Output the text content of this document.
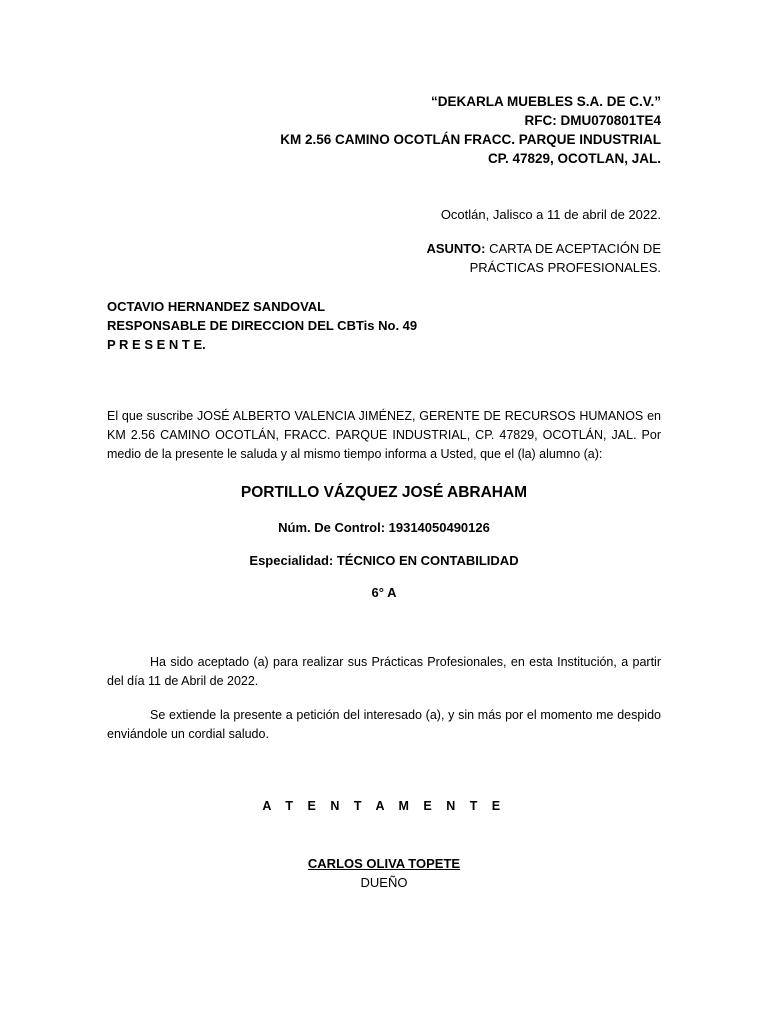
“DEKARLA MUEBLES S.A. DE C.V.”
RFC: DMU070801TE4
KM 2.56 CAMINO OCOTLÁN FRACC. PARQUE INDUSTRIAL
CP. 47829, OCOTLAN, JAL.
Ocotlán, Jalisco a 11 de abril de 2022.
ASUNTO: CARTA DE ACEPTACIÓN DE
PRÁCTICAS PROFESIONALES.
OCTAVIO HERNANDEZ SANDOVAL
RESPONSABLE DE DIRECCION DEL CBTis No. 49
P R E S E N T E.
El que suscribe JOSÉ ALBERTO VALENCIA JIMÉNEZ, GERENTE DE RECURSOS HUMANOS en KM 2.56 CAMINO OCOTLÁN, FRACC. PARQUE INDUSTRIAL, CP. 47829, OCOTLÁN, JAL. Por medio de la presente le saluda y al mismo tiempo informa a Usted, que el (la) alumno (a):
PORTILLO VÁZQUEZ JOSÉ ABRAHAM
Núm. De Control: 19314050490126
Especialidad: TÉCNICO EN CONTABILIDAD
6° A
Ha sido aceptado (a) para realizar sus Prácticas Profesionales, en esta Institución, a partir del día 11 de Abril de 2022.
Se extiende la presente a petición del interesado (a), y sin más por el momento me despido enviándole un cordial saludo.
A T E N T A M E N T E
CARLOS OLIVA TOPETE
DUEÑO
